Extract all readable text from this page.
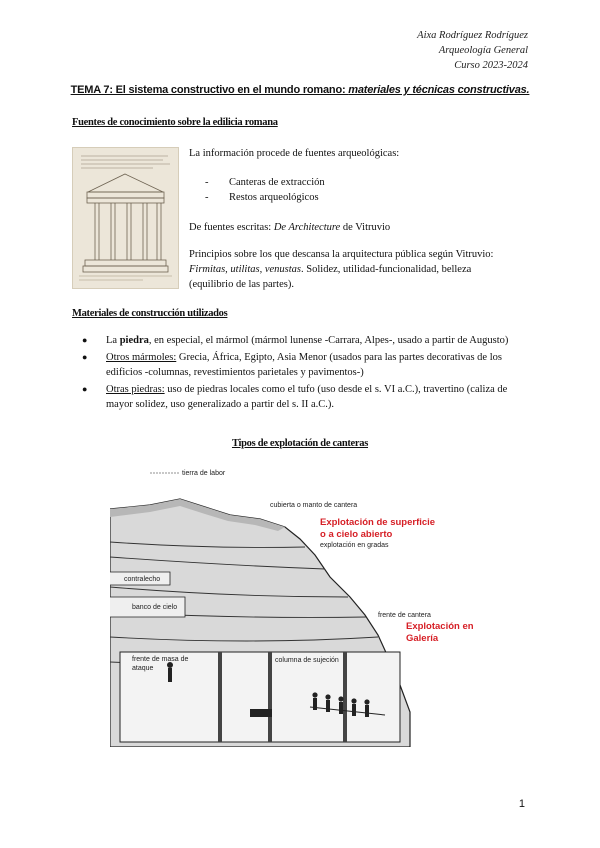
Aixa Rodríguez Rodríguez
Arqueología General
Curso 2023-2024
TEMA 7: El sistema constructivo en el mundo romano: materiales y técnicas constructivas.
Fuentes de conocimiento sobre la edilicia romana
La información procede de fuentes arqueológicas:
-	Canteras de extracción
-	Restos arqueológicos
De fuentes escritas: De Architecture de Vitruvio
Principios sobre los que descansa la arquitectura pública según Vitruvio:
Firmitas, utilitas, venustas. Solidez, utilidad-funcionalidad, belleza
(equilibrio de las partes).
Materiales de construcción utilizados
●	La piedra, en especial, el mármol (mármol lunense -Carrara, Alpes-, usado a partir de Augusto)
●	Otros mármoles: Grecia, África, Egipto, Asia Menor (usados para las partes decorativas de los edificios -columnas, revestimientos parietales y pavimentos-)
●	Otras piedras: uso de piedras locales como el tufo (uso desde el s. VI a.C.), travertino (caliza de mayor solidez, uso generalizado a partir del s. II a.C.).
Tipos de explotación de canteras
tierra de labor
cubierta o manto de cantera
explotación en gradas
contralecho
banco de cielo
frente de cantera
frente de masa de
ataque
columna de sujeción
Explotación de superficie
o a cielo abierto
Explotación en
Galería
1
